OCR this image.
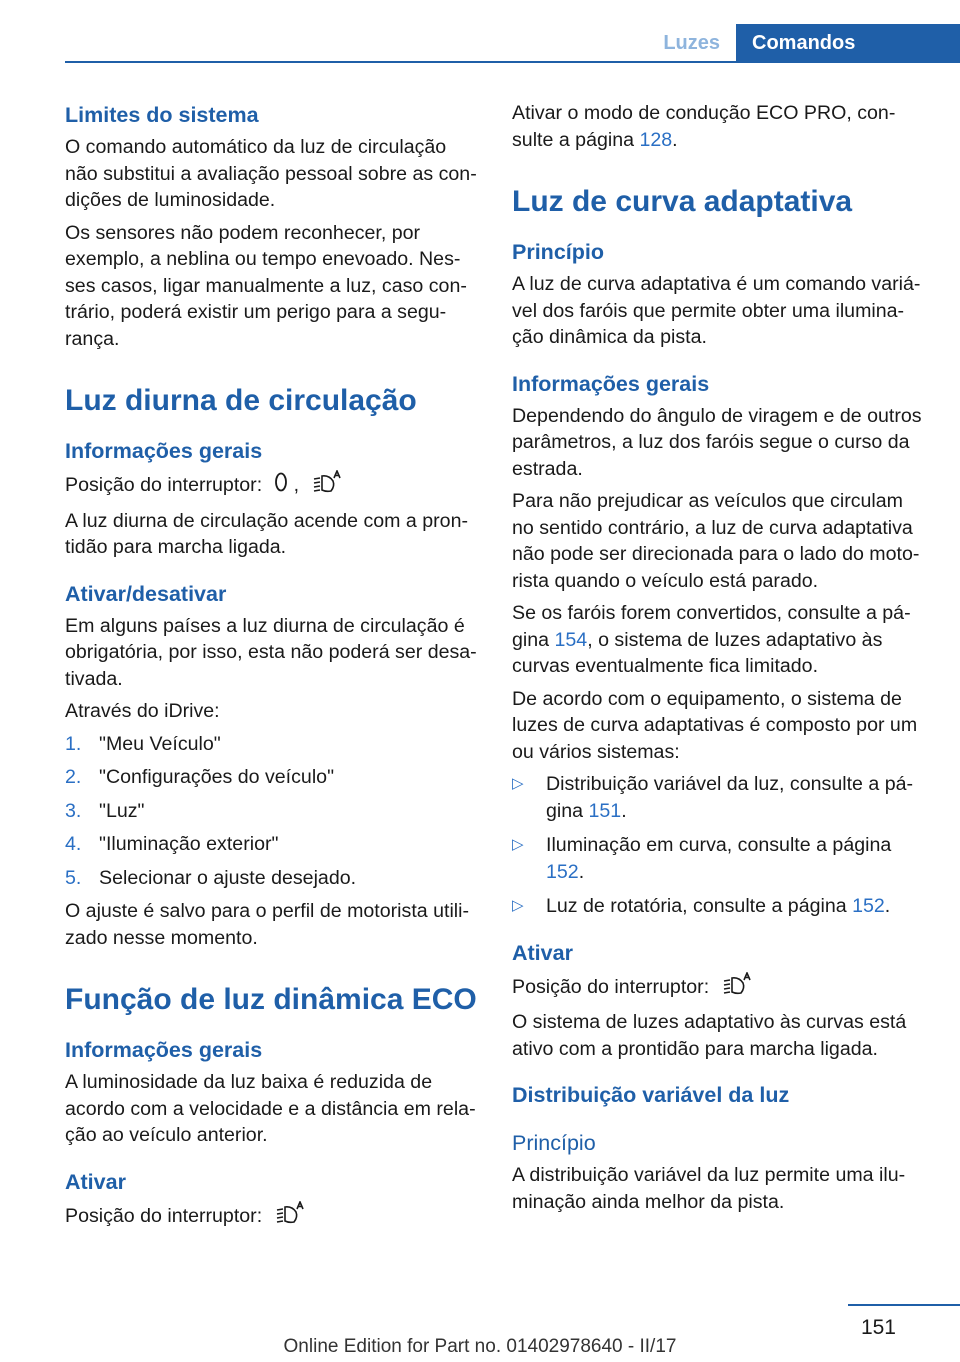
Luzes	Comandos
Limites do sistema

O comando automático da luz de circulação não substitui a avaliação pessoal sobre as con-dições de luminosidade.

Os sensores não podem reconhecer, por exemplo, a neblina ou tempo enevoado. Nes-ses casos, ligar manualmente a luz, caso con-trário, poderá existir um perigo para a segu-rança.

Luz diurna de circulação
Informações gerais

Posição do interruptor: ,

A luz diurna de circulação acende com a pron-tidão para marcha ligada.

Ativar/desativar

Em alguns países a luz diurna de circulação é obrigatória, por isso, esta não poderá ser desa-tivada.

Através do iDrive:

1. "Meu Veículo"
2. "Configurações do veículo"
3. "Luz"
4. "Iluminação exterior"
5. Selecionar o ajuste desejado.

O ajuste é salvo para o perfil de motorista utili-zado nesse momento.

Função de luz dinâmica ECO
Informações gerais

A luminosidade da luz baixa é reduzida de acordo com a velocidade e a distância em rela-ção ao veículo anterior.

Ativar

Posição do interruptor:

Ativar o modo de condução ECO PRO, con-sulte a página 128.

Luz de curva adaptativa
Princípio

A luz de curva adaptativa é um comando variá-vel dos faróis que permite obter uma ilumina-ção dinâmica da pista.

Informações gerais

Dependendo do ângulo de viragem e de outros parâmetros, a luz dos faróis segue o curso da estrada.

Para não prejudicar as veículos que circulam no sentido contrário, a luz de curva adaptativa não pode ser direcionada para o lado do moto-rista quando o veículo está parado.

Se os faróis forem convertidos, consulte a pá-gina 154, o sistema de luzes adaptativo às curvas eventualmente fica limitado.

De acordo com o equipamento, o sistema de luzes de curva adaptativas é composto por um ou vários sistemas:

▷	Distribuição variável da luz, consulte a pá-gina 151.
▷	Iluminação em curva, consulte a página 152.
▷	Luz de rotatória, consulte a página 152.
Ativar

Posição do interruptor:

O sistema de luzes adaptativo às curvas está ativo com a prontidão para marcha ligada.

Distribuição variável da luz
Princípio

A distribuição variável da luz permite uma ilu-minação ainda melhor da pista.

151
Online Edition for Part no. 01402978640 - II/17
